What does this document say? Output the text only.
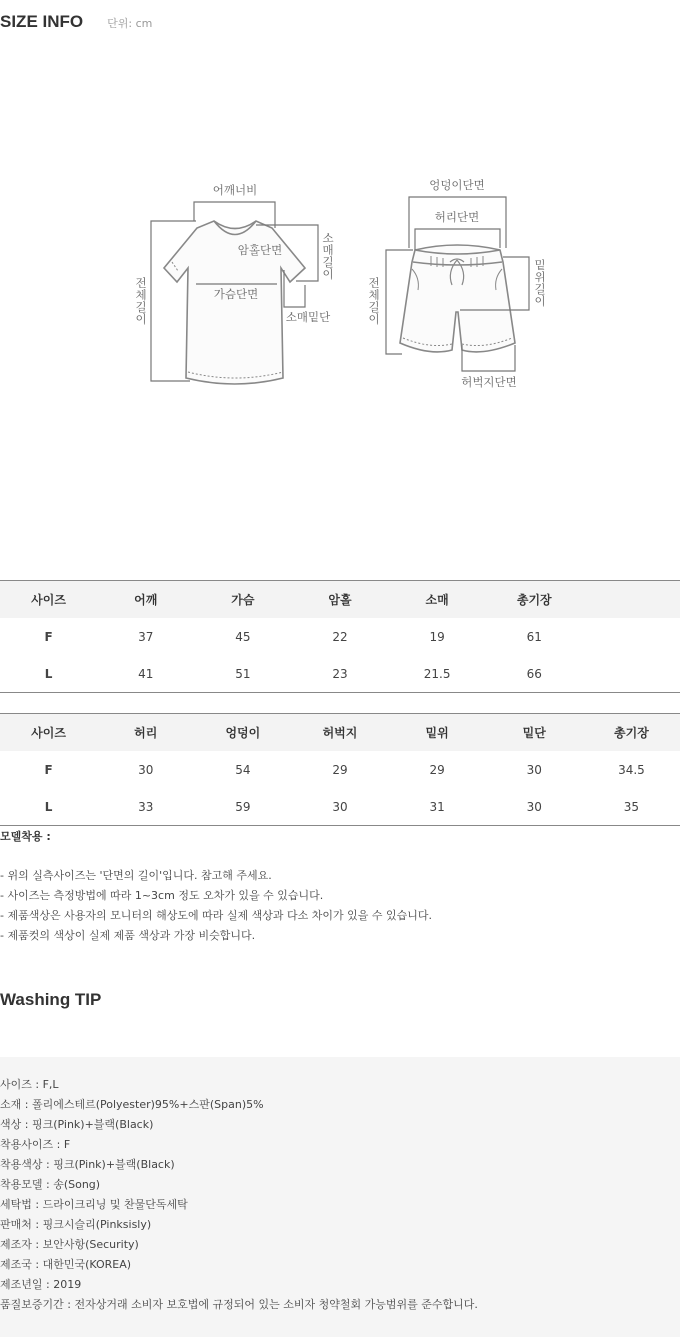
SIZE INFO 단위: cm
어깨너비
암홀단면
가슴단면
소매밑단
소
매
길
이
전
체
길
이
엉덩이단면
허리단면
허벅지단면
밑
위
길
이
전
체
길
이
사이즈	어깨	가슴	암홀	소매	총기장	
F	37	45	22	19	61	
L	41	51	23	21.5	66	
사이즈	허리	엉덩이	허벅지	밑위	밑단	총기장
F	30	54	29	29	30	34.5
L	33	59	30	31	30	35
모델착용 :
- 위의 실측사이즈는 '단면의 길이'입니다. 참고해 주세요.
- 사이즈는 측정방법에 따라 1~3cm 정도 오차가 있을 수 있습니다.
- 제품색상은 사용자의 모니터의 해상도에 따라 실제 색상과 다소 차이가 있을 수 있습니다.
- 제품컷의 색상이 실제 제품 색상과 가장 비슷합니다.
Washing TIP
사이즈 : F,L
소재 : 폴리에스테르(Polyester)95%+스판(Span)5%
색상 : 핑크(Pink)+블랙(Black)
착용사이즈 : F
착용색상 : 핑크(Pink)+블랙(Black)
착용모델 : 송(Song)
세탁법 : 드라이크리닝 및 찬물단독세탁
판매처 : 핑크시슬리(Pinksisly)
제조자 : 보안사항(Security)
제조국 : 대한민국(KOREA)
제조년일 : 2019
품질보증기간 : 전자상거래 소비자 보호법에 규정되어 있는 소비자 청약철회 가능범위를 준수합니다.
